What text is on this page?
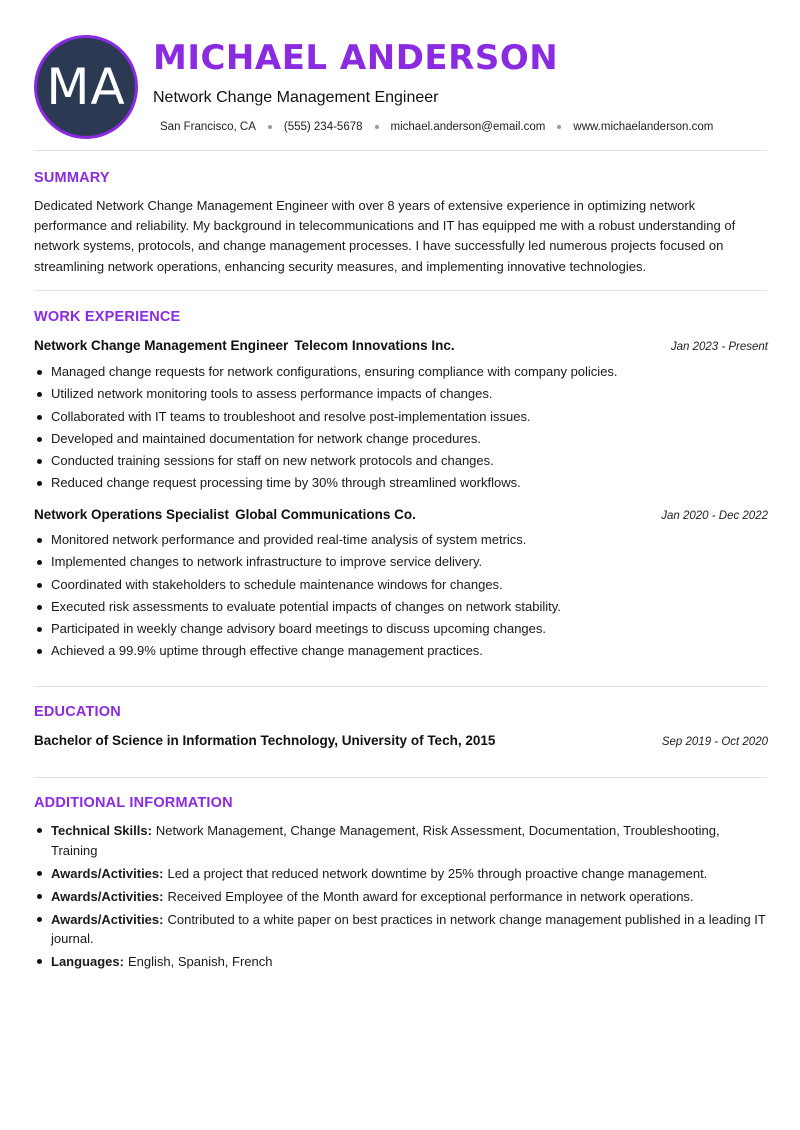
MA MICHAEL ANDERSON
Network Change Management Engineer
San Francisco, CA (555) 234-5678 michael.anderson@email.com www.michaelanderson.com
SUMMARY
Dedicated Network Change Management Engineer with over 8 years of extensive experience in optimizing network performance and reliability. My background in telecommunications and IT has equipped me with a robust understanding of network systems, protocols, and change management processes. I have successfully led numerous projects focused on streamlining network operations, enhancing security measures, and implementing innovative technologies.
WORK EXPERIENCE
Network Change Management Engineer Telecom Innovations Inc.	Jan 2023 - Present
Managed change requests for network configurations, ensuring compliance with company policies.
Utilized network monitoring tools to assess performance impacts of changes.
Collaborated with IT teams to troubleshoot and resolve post-implementation issues.
Developed and maintained documentation for network change procedures.
Conducted training sessions for staff on new network protocols and changes.
Reduced change request processing time by 30% through streamlined workflows.
Network Operations Specialist Global Communications Co.	Jan 2020 - Dec 2022
Monitored network performance and provided real-time analysis of system metrics.
Implemented changes to network infrastructure to improve service delivery.
Coordinated with stakeholders to schedule maintenance windows for changes.
Executed risk assessments to evaluate potential impacts of changes on network stability.
Participated in weekly change advisory board meetings to discuss upcoming changes.
Achieved a 99.9% uptime through effective change management practices.
EDUCATION
Bachelor of Science in Information Technology, University of Tech, 2015	Sep 2019 - Oct 2020
ADDITIONAL INFORMATION
Technical Skills: Network Management, Change Management, Risk Assessment, Documentation, Troubleshooting, Training
Awards/Activities: Led a project that reduced network downtime by 25% through proactive change management.
Awards/Activities: Received Employee of the Month award for exceptional performance in network operations.
Awards/Activities: Contributed to a white paper on best practices in network change management published in a leading IT journal.
Languages: English, Spanish, French
